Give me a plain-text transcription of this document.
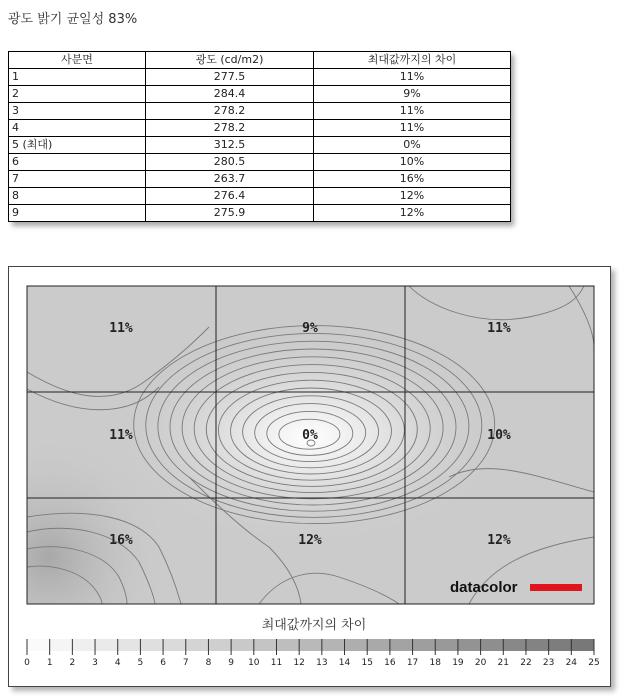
광도 밝기 균일성 83%
사분면	광도 (cd/m2)	최대값까지의 차이
1	277.5	11%
2	284.4	9%
3	278.2	11%
4	278.2	11%
5 (최대)	312.5	0%
6	280.5	10%
7	263.7	16%
8	276.4	12%
9	275.9	12%
11%	9%	11%
11%	0%	10%
16%	12%	12%
datacolor
최대값까지의 차이
0 1 2 3 4 5 6 7 8 9 10 11 12 13 14 15 16 17 18 19 20 21 22 23 24 25
